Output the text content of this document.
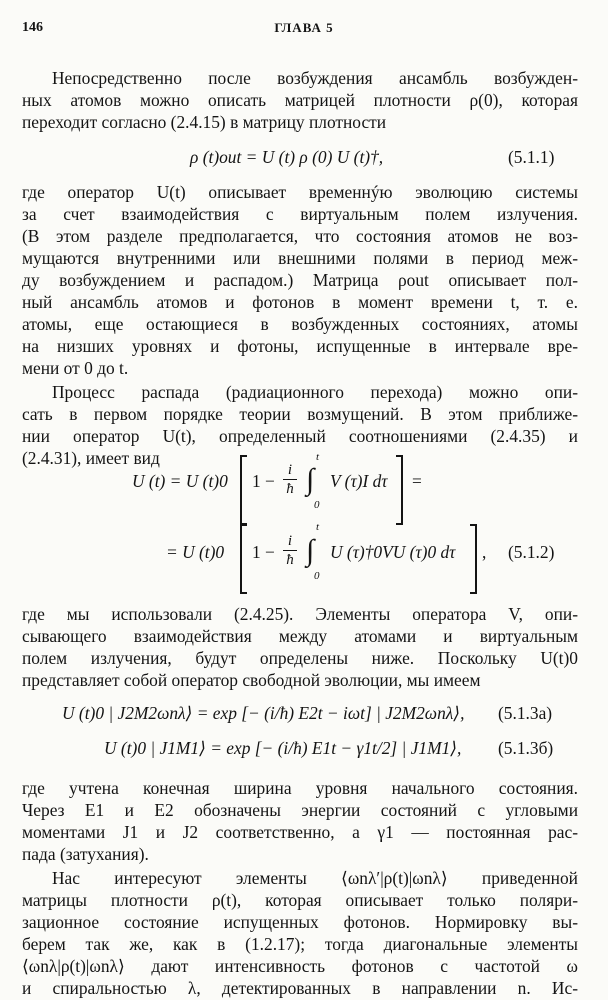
146	ГЛАВА 5
Непосредственно после возбуждения ансамбль возбужден-
ных атомов можно описать матрицей плотности ρ(0), которая
переходит согласно (2.4.15) в матрицу плотности
ρ (t)out = U (t) ρ (0) U (t)†,	(5.1.1)
где оператор U(t) описывает временнýю эволюцию системы
за счет взаимодействия с виртуальным полем излучения.
(В этом разделе предполагается, что состояния атомов не воз-
мущаются внутренними или внешними полями в период меж-
ду возбуждением и распадом.) Матрица ρout описывает пол-
ный ансамбль атомов и фотонов в момент времени t, т. е.
атомы, еще остающиеся в возбужденных состояниях, атомы
на низших уровнях и фотоны, испущенные в интервале вре-
мени от 0 до t.
Процесс распада (радиационного перехода) можно опи-
сать в первом порядке теории возмущений. В этом приближе-
нии оператор U(t), определенный соотношениями (2.4.35) и
(2.4.31), имеет вид
U (t) = U (t)0 1 −
i
ħ
t
∫
0
V (τ)I dτ =
= U (t)0 1 −
i
ħ
t
∫
0
U (τ)†0VU (τ)0 dτ , (5.1.2)
где мы использовали (2.4.25). Элементы оператора V, опи-
сывающего взаимодействия между атомами и виртуальным
полем излучения, будут определены ниже. Поскольку U(t)0
представляет собой оператор свободной эволюции, мы имеем
U (t)0 | J2M2ωnλ⟩ = exp [− (i/ħ) E2t − iωt] | J2M2ωnλ⟩, (5.1.3a)
U (t)0 | J1M1⟩ = exp [− (i/ħ) E1t − γ1t/2] | J1M1⟩, (5.1.3б)
где учтена конечная ширина уровня начального состояния.
Через E1 и E2 обозначены энергии состояний с угловыми
моментами J1 и J2 соответственно, а γ1 — постоянная рас-
пада (затухания).
Нас интересуют элементы ⟨ωnλ′|ρ(t)|ωnλ⟩ приведенной
матрицы плотности ρ(t), которая описывает только поляри-
зационное состояние испущенных фотонов. Нормировку вы-
берем так же, как в (1.2.17); тогда диагональные элементы
⟨ωnλ|ρ(t)|ωnλ⟩ дают интенсивность фотонов с частотой ω
и спиральностью λ, детектированных в направлении n. Ис-
